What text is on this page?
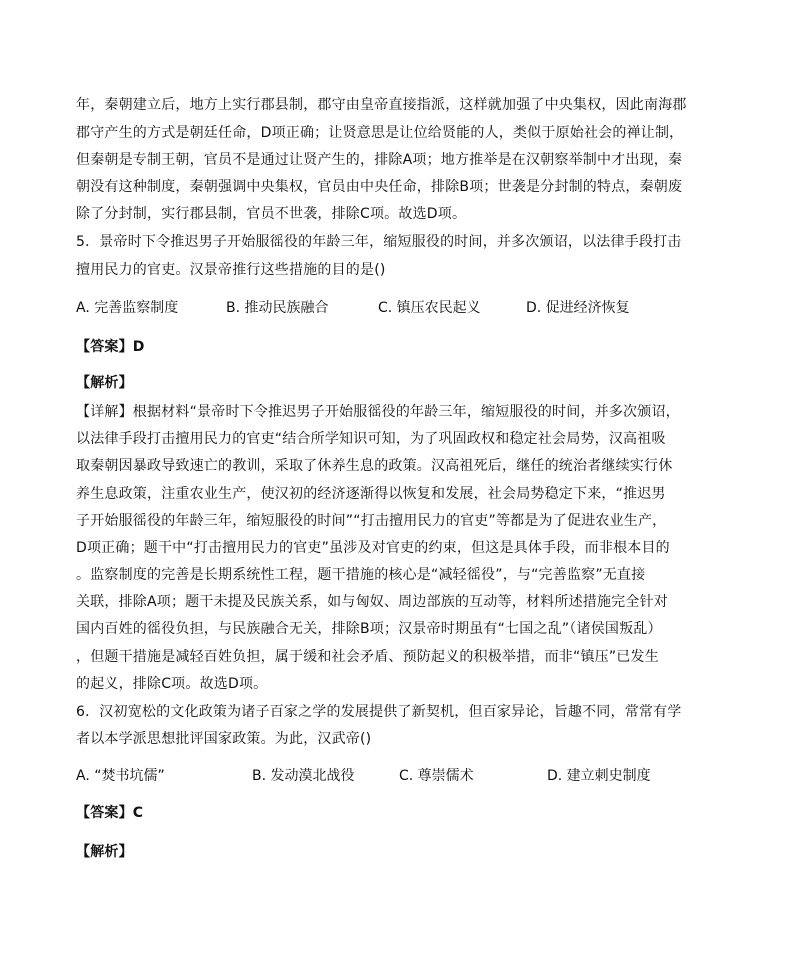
年，秦朝建立后，地方上实行郡县制，郡守由皇帝直接指派，这样就加强了中央集权，因此南海郡
郡守产生的方式是朝廷任命，D项正确；让贤意思是让位给贤能的人，类似于原始社会的禅让制，
但秦朝是专制王朝，官员不是通过让贤产生的，排除A项；地方推举是在汉朝察举制中才出现，秦
朝没有这种制度，秦朝强调中央集权，官员由中央任命，排除B项；世袭是分封制的特点，秦朝废
除了分封制，实行郡县制，官员不世袭，排除C项。故选D项。
5．景帝时下令推迟男子开始服徭役的年龄三年，缩短服役的时间，并多次颁诏，以法律手段打击
擅用民力的官吏。汉景帝推行这些措施的目的是()
A. 完善监察制度	B. 推动民族融合	C. 镇压农民起义	D. 促进经济恢复
【答案】D
【解析】
【详解】根据材料“景帝时下令推迟男子开始服徭役的年龄三年，缩短服役的时间，并多次颁诏，
以法律手段打击擅用民力的官吏“结合所学知识可知，为了巩固政权和稳定社会局势，汉高祖吸
取秦朝因暴政导致速亡的教训，采取了休养生息的政策。汉高祖死后，继任的统治者继续实行休
养生息政策，注重农业生产，使汉初的经济逐渐得以恢复和发展，社会局势稳定下来，“推迟男
子开始服徭役的年龄三年，缩短服役的时间”“打击擅用民力的官吏”等都是为了促进农业生产，
D项正确；题干中“打击擅用民力的官吏”虽涉及对官吏的约束，但这是具体手段，而非根本目的
。监察制度的完善是长期系统性工程，题干措施的核心是“减轻徭役”，与“完善监察”无直接
关联，排除A项；题干未提及民族关系，如与匈奴、周边部族的互动等，材料所述措施完全针对
国内百姓的徭役负担，与民族融合无关，排除B项；汉景帝时期虽有“七国之乱”（诸侯国叛乱）
，但题干措施是减轻百姓负担，属于缓和社会矛盾、预防起义的积极举措，而非“镇压”已发生
的起义，排除C项。故选D项。
6．汉初宽松的文化政策为诸子百家之学的发展提供了新契机，但百家异论，旨趣不同，常常有学
者以本学派思想批评国家政策。为此，汉武帝()
A. “焚书坑儒”	B. 发动漠北战役	C. 尊崇儒术	D. 建立刺史制度
【答案】C
【解析】
